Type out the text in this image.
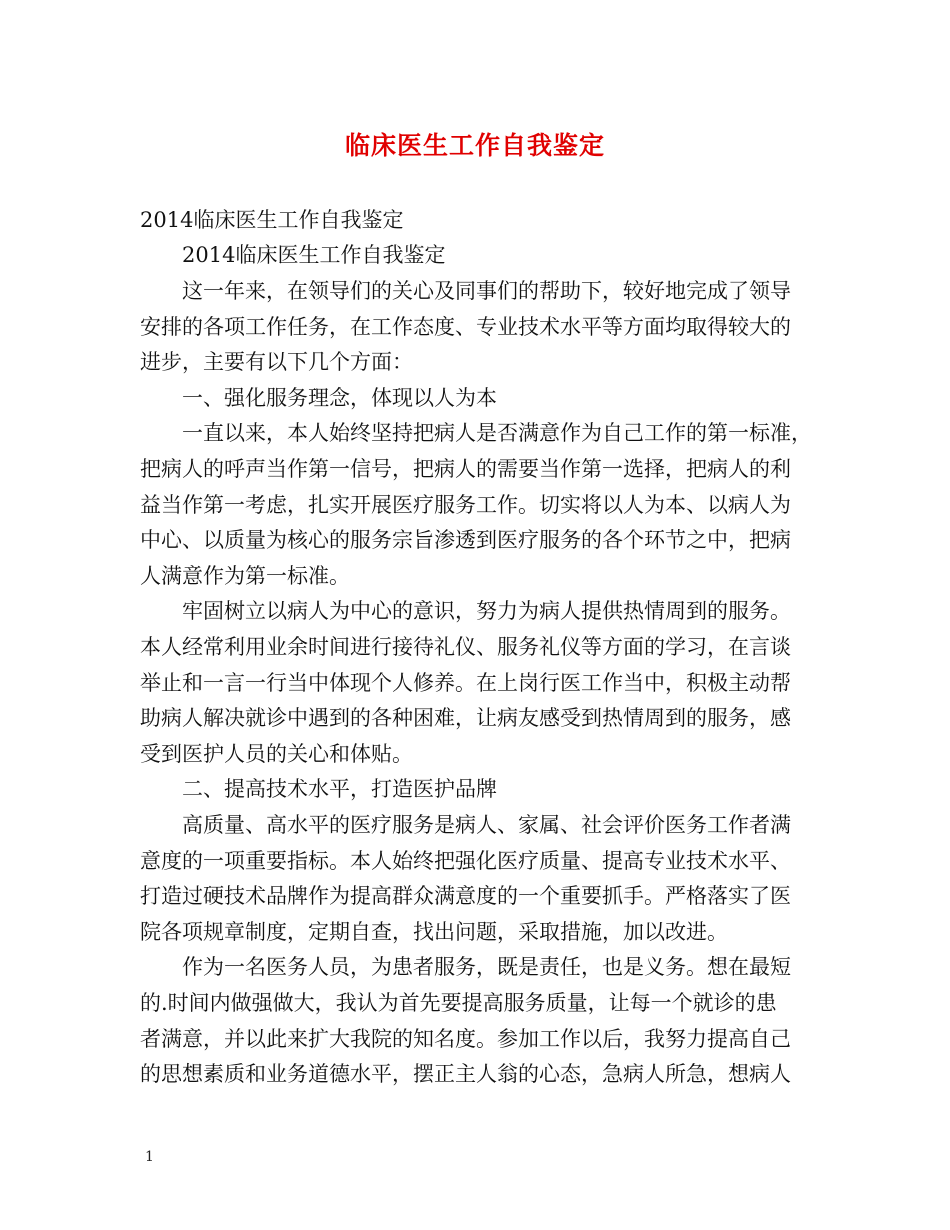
临床医生工作自我鉴定

2014临床医生工作自我鉴定

2014临床医生工作自我鉴定

这一年来，在领导们的关心及同事们的帮助下，较好地完成了领导

安排的各项工作任务，在工作态度、专业技术水平等方面均取得较大的

进步，主要有以下几个方面：

一、强化服务理念，体现以人为本

一直以来，本人始终坚持把病人是否满意作为自己工作的第一标准，

把病人的呼声当作第一信号，把病人的需要当作第一选择，把病人的利

益当作第一考虑，扎实开展医疗服务工作。切实将以人为本、以病人为

中心、以质量为核心的服务宗旨渗透到医疗服务的各个环节之中，把病

人满意作为第一标准。

牢固树立以病人为中心的意识，努力为病人提供热情周到的服务。

本人经常利用业余时间进行接待礼仪、服务礼仪等方面的学习，在言谈

举止和一言一行当中体现个人修养。在上岗行医工作当中，积极主动帮

助病人解决就诊中遇到的各种困难，让病友感受到热情周到的服务，感

受到医护人员的关心和体贴。

二、提高技术水平，打造医护品牌

高质量、高水平的医疗服务是病人、家属、社会评价医务工作者满

意度的一项重要指标。本人始终把强化医疗质量、提高专业技术水平、

打造过硬技术品牌作为提高群众满意度的一个重要抓手。严格落实了医

院各项规章制度，定期自查，找出问题，采取措施，加以改进。

作为一名医务人员，为患者服务，既是责任，也是义务。想在最短

的.时间内做强做大，我认为首先要提高服务质量，让每一个就诊的患

者满意，并以此来扩大我院的知名度。参加工作以后，我努力提高自己

的思想素质和业务道德水平，摆正主人翁的心态，急病人所急，想病人

1
